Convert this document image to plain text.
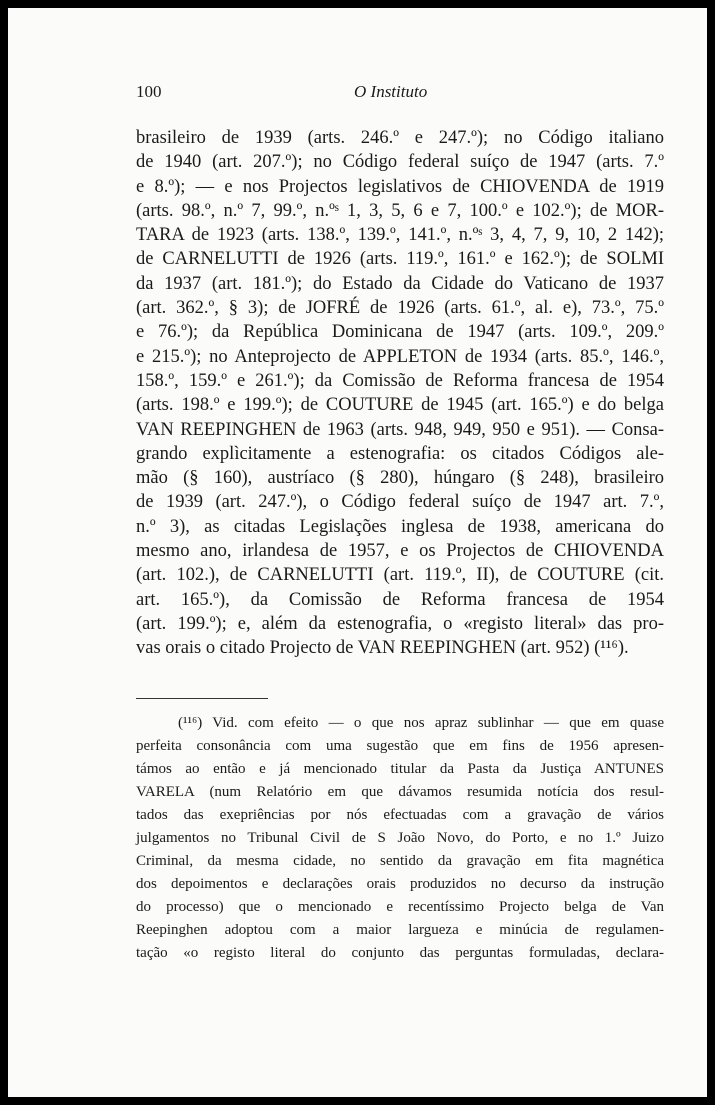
100	O Instituto
brasileiro de 1939 (arts. 246.º e 247.º); no Código italiano
de 1940 (art. 207.º); no Código federal suíço de 1947 (arts. 7.º
e 8.º); — e nos Projectos legislativos de CHIOVENDA de 1919
(arts. 98.º, n.º 7, 99.º, n.ºˢ 1, 3, 5, 6 e 7, 100.º e 102.º); de MOR-
TARA de 1923 (arts. 138.º, 139.º, 141.º, n.ºˢ 3, 4, 7, 9, 10, 2 142);
de CARNELUTTI de 1926 (arts. 119.º, 161.º e 162.º); de SOLMI
da 1937 (art. 181.º); do Estado da Cidade do Vaticano de 1937
(art. 362.º, § 3); de JOFRÉ de 1926 (arts. 61.º, al. e), 73.º, 75.º
e 76.º); da República Dominicana de 1947 (arts. 109.º, 209.º
e 215.º); no Anteprojecto de APPLETON de 1934 (arts. 85.º, 146.º,
158.º, 159.º e 261.º); da Comissão de Reforma francesa de 1954
(arts. 198.º e 199.º); de COUTURE de 1945 (art. 165.º) e do belga
VAN REEPINGHEN de 1963 (arts. 948, 949, 950 e 951). — Consa-
grando explìcitamente a estenografia: os citados Códigos ale-
mão (§ 160), austríaco (§ 280), húngaro (§ 248), brasileiro
de 1939 (art. 247.º), o Código federal suíço de 1947 art. 7.º,
n.º 3), as citadas Legislações inglesa de 1938, americana do
mesmo ano, irlandesa de 1957, e os Projectos de CHIOVENDA
(art. 102.), de CARNELUTTI (art. 119.º, II), de COUTURE (cit.
art. 165.º), da Comissão de Reforma francesa de 1954
(art. 199.º); e, além da estenografia, o «registo literal» das pro-
vas orais o citado Projecto de VAN REEPINGHEN (art. 952) (¹¹⁶).
(¹¹⁶) Vid. com efeito — o que nos apraz sublinhar — que em quase
perfeita consonância com uma sugestão que em fins de 1956 apresen-
támos ao então e já mencionado titular da Pasta da Justiça ANTUNES
VARELA (num Relatório em que dávamos resumida notícia dos resul-
tados das exepriências por nós efectuadas com a gravação de vários
julgamentos no Tribunal Civil de S João Novo, do Porto, e no 1.º Juizo
Criminal, da mesma cidade, no sentido da gravação em fita magnética
dos depoimentos e declarações orais produzidos no decurso da instrução
do processo) que o mencionado e recentíssimo Projecto belga de Van
Reepinghen adoptou com a maior largueza e minúcia de regulamen-
tação «o registo literal do conjunto das perguntas formuladas, declara-
